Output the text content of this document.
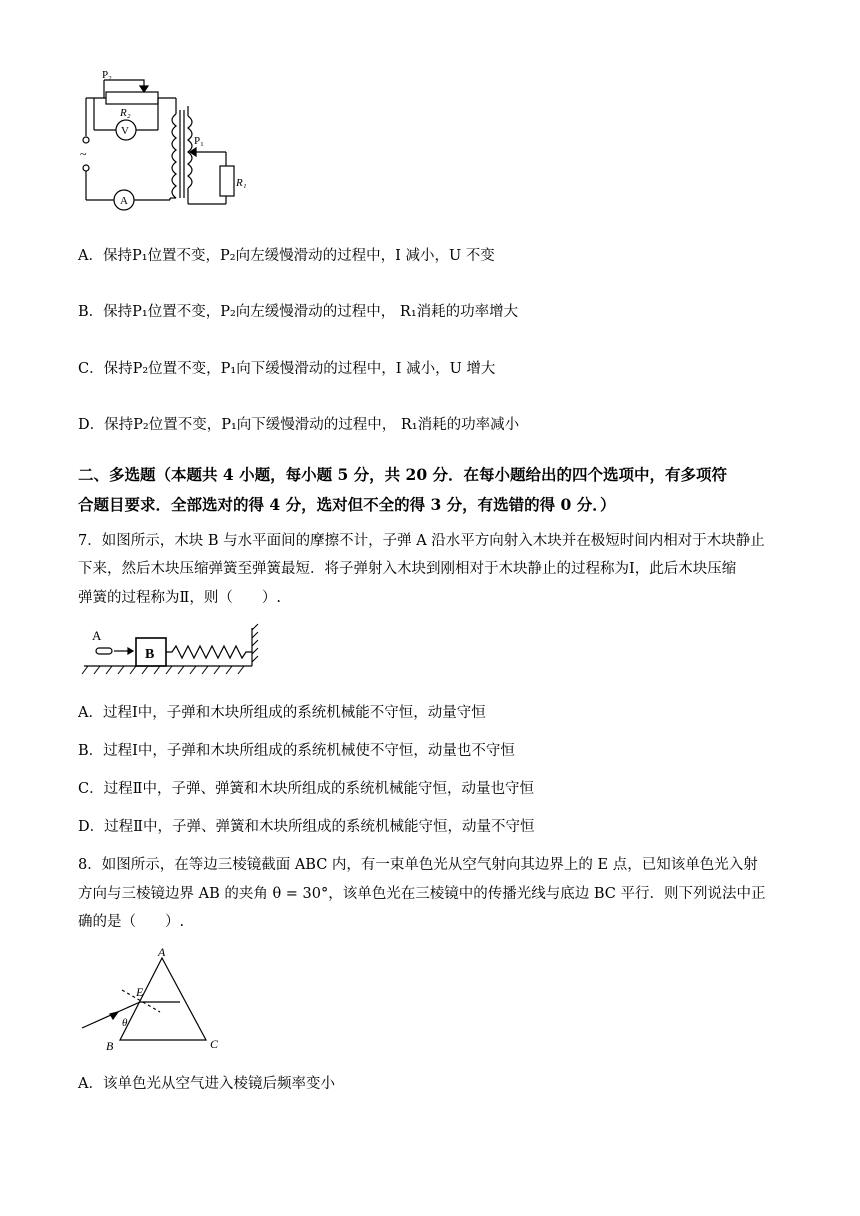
P₂
R₂
V
~
P₁
R₁
A
A．保持P₁位置不变，P₂向左缓慢滑动的过程中，I 减小，U 不变
B．保持P₁位置不变，P₂向左缓慢滑动的过程中， R₁消耗的功率增大
C．保持P₂位置不变，P₁向下缓慢滑动的过程中，I 减小，U 增大
D．保持P₂位置不变，P₁向下缓慢滑动的过程中， R₁消耗的功率减小
二、多选题（本题共 4 小题，每小题 5 分，共 20 分．在每小题给出的四个选项中，有多项符
合题目要求．全部选对的得 4 分，选对但不全的得 3 分，有选错的得 0 分．）
7．如图所示，木块 B 与水平面间的摩擦不计，子弹 A 沿水平方向射入木块并在极短时间内相对于木块静止
下来，然后木块压缩弹簧至弹簧最短．将子弹射入木块到刚相对于木块静止的过程称为Ⅰ，此后木块压缩
弹簧的过程称为Ⅱ，则（　　）.
A
B
A．过程Ⅰ中，子弹和木块所组成的系统机械能不守恒，动量守恒
B．过程Ⅰ中，子弹和木块所组成的系统机械使不守恒，动量也不守恒
C．过程Ⅱ中，子弹、弹簧和木块所组成的系统机械能守恒，动量也守恒
D．过程Ⅱ中，子弹、弹簧和木块所组成的系统机械能守恒，动量不守恒
8．如图所示，在等边三棱镜截面 ABC 内，有一束单色光从空气射向其边界上的 E 点，已知该单色光入射
方向与三棱镜边界 AB 的夹角 θ = 30°，该单色光在三棱镜中的传播光线与底边 BC 平行．则下列说法中正
确的是（　　）.
A
B	C
E
θ
A．该单色光从空气进入棱镜后频率变小
